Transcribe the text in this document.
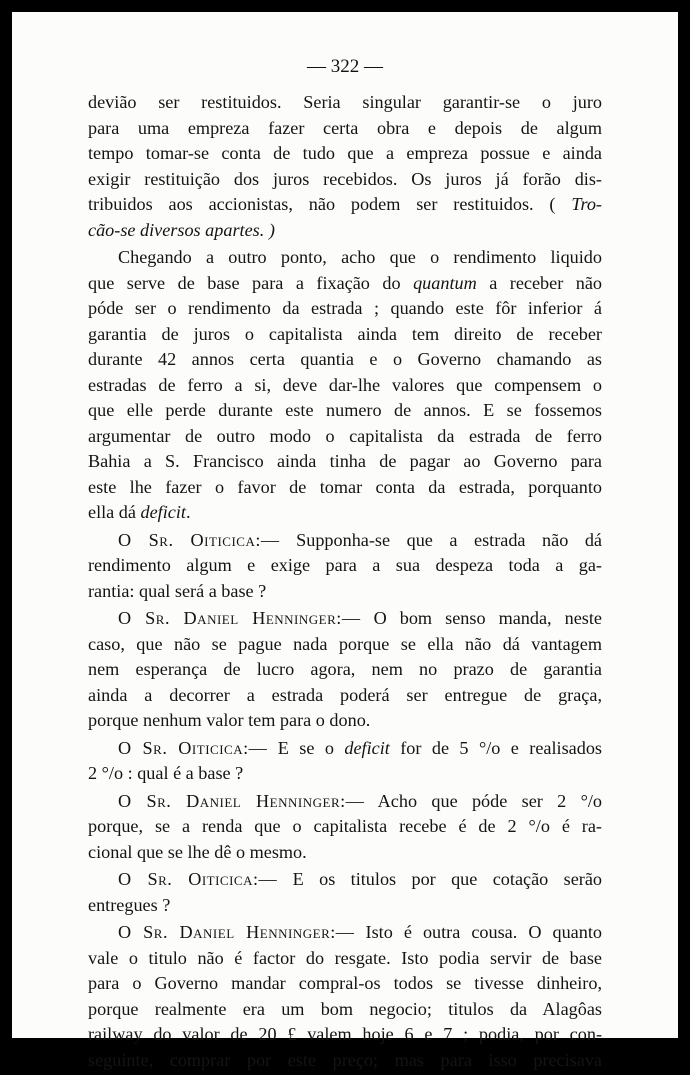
— 322 —
devião ser restituidos. Seria singular garantir-se o juro
para uma empreza fazer certa obra e depois de algum
tempo tomar-se conta de tudo que a empreza possue e ainda
exigir restituição dos juros recebidos. Os juros já forão dis-
tribuidos aos accionistas, não podem ser restituidos. ( Tro-
cão-se diversos apartes. )
Chegando a outro ponto, acho que o rendimento liquido
que serve de base para a fixação do quantum a receber não
póde ser o rendimento da estrada ; quando este fôr inferior á
garantia de juros o capitalista ainda tem direito de receber
durante 42 annos certa quantia e o Governo chamando as
estradas de ferro a si, deve dar-lhe valores que compensem o
que elle perde durante este numero de annos. E se fossemos
argumentar de outro modo o capitalista da estrada de ferro
Bahia a S. Francisco ainda tinha de pagar ao Governo para
este lhe fazer o favor de tomar conta da estrada, porquanto
ella dá deficit.
O Sr. Oiticica:— Supponha-se que a estrada não dá
rendimento algum e exige para a sua despeza toda a ga-
rantia: qual será a base ?
O Sr. Daniel Henninger:— O bom senso manda, neste
caso, que não se pague nada porque se ella não dá vantagem
nem esperança de lucro agora, nem no prazo de garantia
ainda a decorrer a estrada poderá ser entregue de graça,
porque nenhum valor tem para o dono.
O Sr. Oiticica:— E se o deficit for de 5 °/o e realisados
2 °/o : qual é a base ?
O Sr. Daniel Henninger:— Acho que póde ser 2 °/o
porque, se a renda que o capitalista recebe é de 2 °/o é ra-
cional que se lhe dê o mesmo.
O Sr. Oiticica:— E os titulos por que cotação serão
entregues ?
O Sr. Daniel Henninger:— Isto é outra cousa. O quanto
vale o titulo não é factor do resgate. Isto podia servir de base
para o Governo mandar compral-os todos se tivesse dinheiro,
porque realmente era um bom negocio; titulos da Alagôas
railway do valor de 20 £ valem hoje 6 e 7 ; podia, por con-
seguinte, comprar por este preço; mas para isso precisava
